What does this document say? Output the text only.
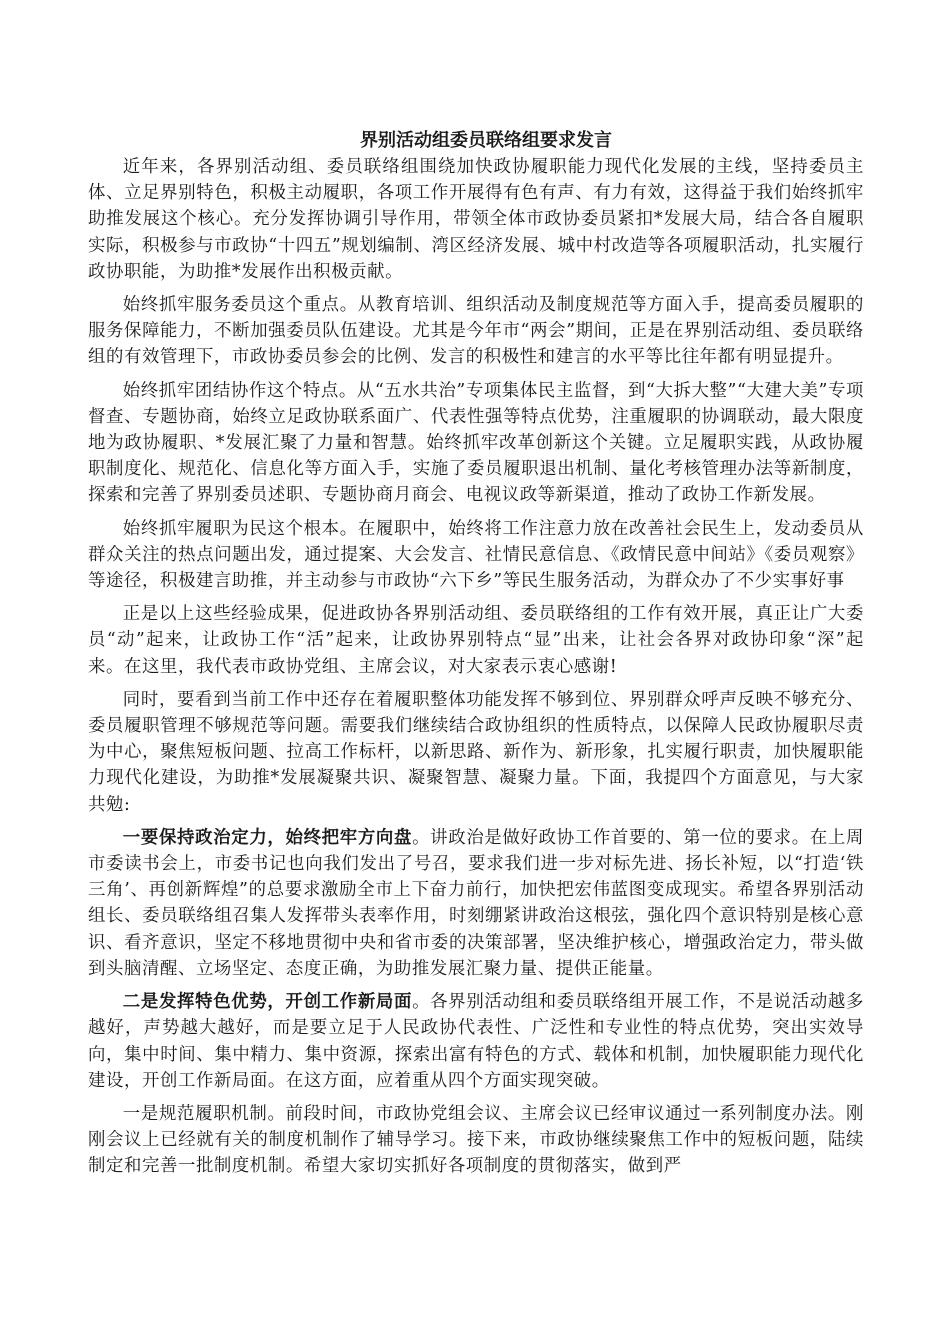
界别活动组委员联络组要求发言

近年来，各界别活动组、委员联络组围绕加快政协履职能力现代化发展的主线，坚持委员主体、立足界别特色，积极主动履职，各项工作开展得有色有声、有力有效，这得益于我们始终抓牢助推发展这个核心。充分发挥协调引导作用，带领全体市政协委员紧扣*发展大局，结合各自履职实际，积极参与市政协“十四五”规划编制、湾区经济发展、城中村改造等各项履职活动，扎实履行政协职能，为助推*发展作出积极贡献。

始终抓牢服务委员这个重点。从教育培训、组织活动及制度规范等方面入手，提高委员履职的服务保障能力，不断加强委员队伍建设。尤其是今年市“两会”期间，正是在界别活动组、委员联络组的有效管理下，市政协委员参会的比例、发言的积极性和建言的水平等比往年都有明显提升。

始终抓牢团结协作这个特点。从“五水共治”专项集体民主监督，到“大拆大整”“大建大美”专项督查、专题协商，始终立足政协联系面广、代表性强等特点优势，注重履职的协调联动，最大限度地为政协履职、*发展汇聚了力量和智慧。始终抓牢改革创新这个关键。立足履职实践，从政协履职制度化、规范化、信息化等方面入手，实施了委员履职退出机制、量化考核管理办法等新制度，探索和完善了界别委员述职、专题协商月商会、电视议政等新渠道，推动了政协工作新发展。

始终抓牢履职为民这个根本。在履职中，始终将工作注意力放在改善社会民生上，发动委员从群众关注的热点问题出发，通过提案、大会发言、社情民意信息、《政情民意中间站》《委员观察》等途径，积极建言助推，并主动参与市政协“六下乡”等民生服务活动，为群众办了不少实事好事

正是以上这些经验成果，促进政协各界别活动组、委员联络组的工作有效开展，真正让广大委员“动”起来，让政协工作“活”起来，让政协界别特点“显”出来，让社会各界对政协印象“深”起来。在这里，我代表市政协党组、主席会议，对大家表示衷心感谢!

同时，要看到当前工作中还存在着履职整体功能发挥不够到位、界别群众呼声反映不够充分、委员履职管理不够规范等问题。需要我们继续结合政协组织的性质特点，以保障人民政协履职尽责为中心，聚焦短板问题、拉高工作标杆，以新思路、新作为、新形象，扎实履行职责，加快履职能力现代化建设，为助推*发展凝聚共识、凝聚智慧、凝聚力量。下面，我提四个方面意见，与大家共勉:

一要保持政治定力，始终把牢方向盘。讲政治是做好政协工作首要的、第一位的要求。在上周市委读书会上，市委书记也向我们发出了号召，要求我们进一步对标先进、扬长补短，以“打造‘铁三角’、再创新辉煌”的总要求激励全市上下奋力前行，加快把宏伟蓝图变成现实。希望各界别活动组长、委员联络组召集人发挥带头表率作用，时刻绷紧讲政治这根弦，强化四个意识特别是核心意识、看齐意识，坚定不移地贯彻中央和省市委的决策部署，坚决维护核心，增强政治定力，带头做到头脑清醒、立场坚定、态度正确，为助推发展汇聚力量、提供正能量。

二是发挥特色优势，开创工作新局面。各界别活动组和委员联络组开展工作，不是说活动越多越好，声势越大越好，而是要立足于人民政协代表性、广泛性和专业性的特点优势，突出实效导向，集中时间、集中精力、集中资源，探索出富有特色的方式、载体和机制，加快履职能力现代化建设，开创工作新局面。在这方面，应着重从四个方面实现突破。

一是规范履职机制。前段时间，市政协党组会议、主席会议已经审议通过一系列制度办法。刚刚会议上已经就有关的制度机制作了辅导学习。接下来，市政协继续聚焦工作中的短板问题，陆续制定和完善一批制度机制。希望大家切实抓好各项制度的贯彻落实，做到严
